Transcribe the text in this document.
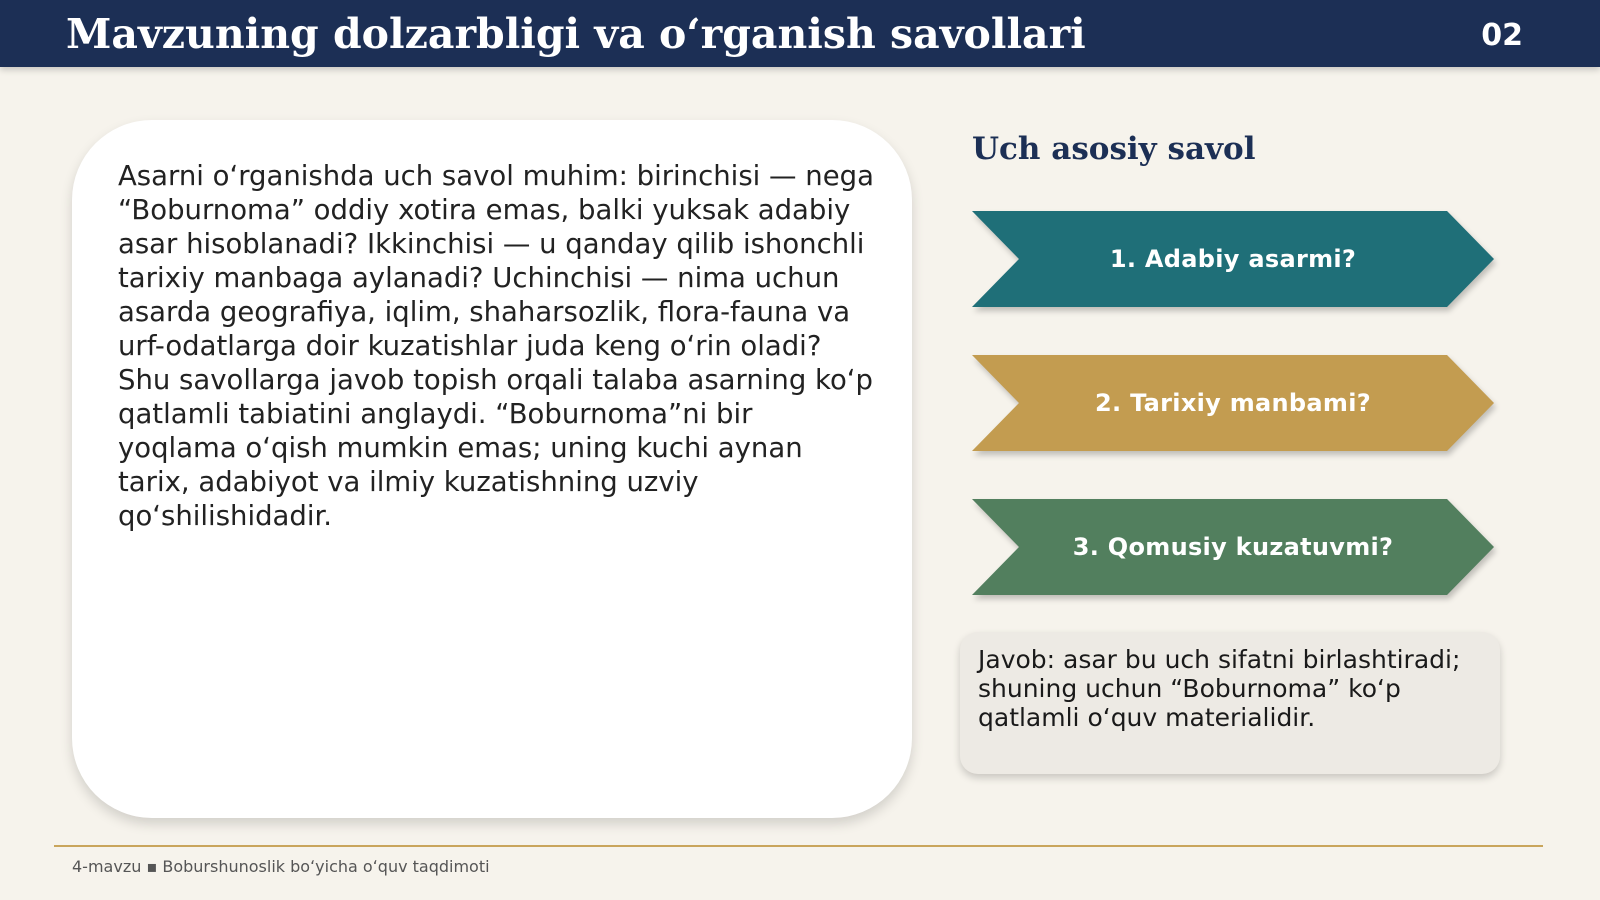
Mavzuning dolzarbligi va oʻrganish savollari	02
Asarni oʻrganishda uch savol muhim: birinchisi — nega “Boburnoma” oddiy xotira emas, balki yuksak adabiy asar hisoblanadi? Ikkinchisi — u qanday qilib ishonchli tarixiy manbaga aylanadi? Uchinchisi — nima uchun asarda geografiya, iqlim, shaharsozlik, flora-fauna va urf-odatlarga doir kuzatishlar juda keng oʻrin oladi? Shu savollarga javob topish orqali talaba asarning koʻp qatlamli tabiatini anglaydi. “Boburnoma”ni bir yoqlama oʻqish mumkin emas; uning kuchi aynan tarix, adabiyot va ilmiy kuzatishning uzviy qoʻshilishidadir.
Uch asosiy savol
1. Adabiy asarmi?
2. Tarixiy manbami?
3. Qomusiy kuzatuvmi?
Javob: asar bu uch sifatni birlashtiradi; shuning uchun “Boburnoma” koʻp qatlamli oʻquv materialidir.
4-mavzu ▪ Boburshunoslik boʻyicha oʻquv taqdimoti
